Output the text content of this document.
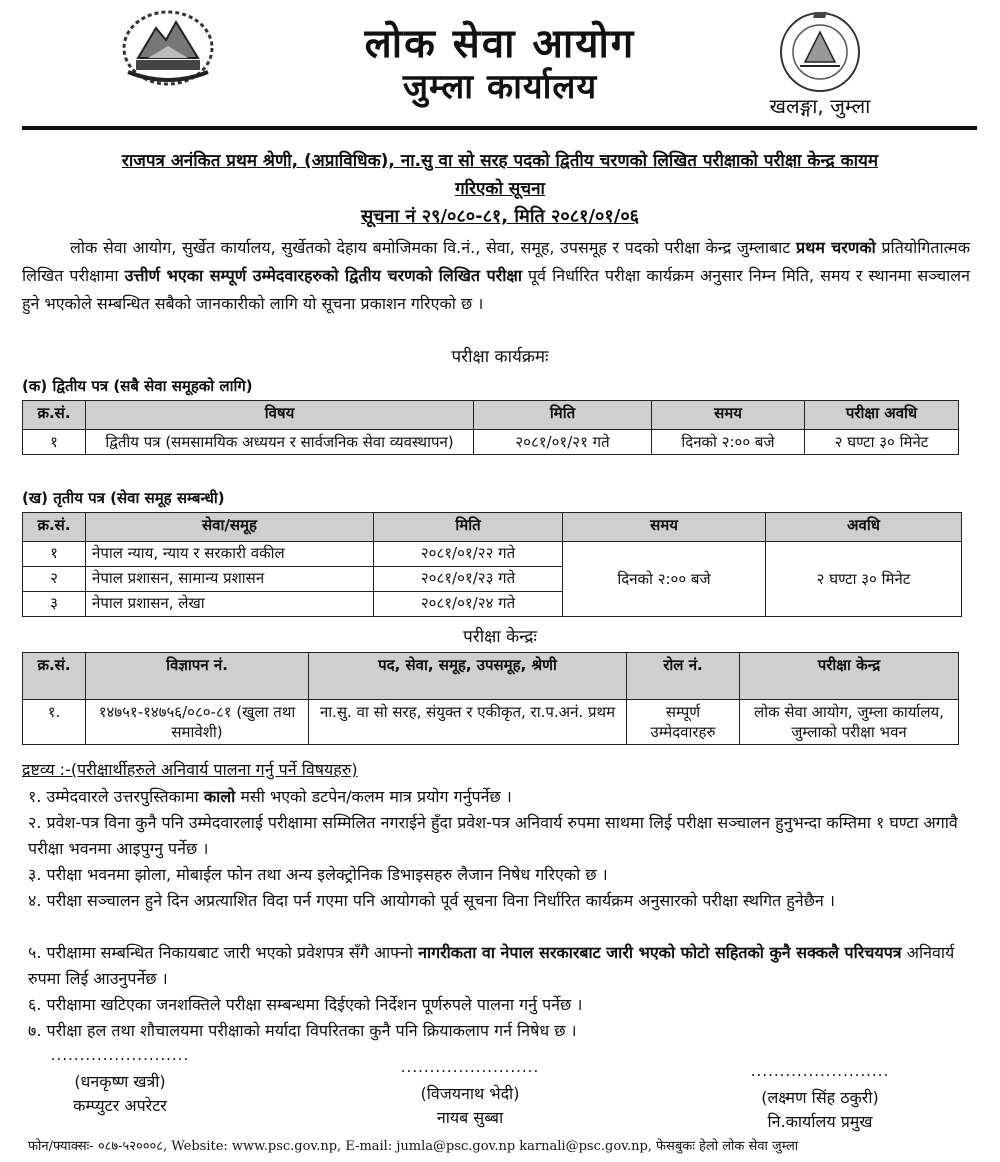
लोक सेवा आयोग
जुम्ला कार्यालय	खलङ्गा, जुम्ला
राजपत्र अनंकित प्रथम श्रेणी, (अप्राविधिक), ना.सु वा सो सरह पदको द्वितीय चरणको लिखित परीक्षाको परीक्षा केन्द्र कायम
गरिएको सूचना
सूचना नं २९/०८०-८१, मिति २०८१/०१/०६
लोक सेवा आयोग, सुर्खेत कार्यालय, सुर्खेतको देहाय बमोजिमका वि.नं., सेवा, समूह, उपसमूह र पदको परीक्षा केन्द्र जुम्लाबाट प्रथम चरणको प्रतियोगितात्मक लिखित परीक्षामा उत्तीर्ण भएका सम्पूर्ण उम्मेदवारहरुको द्वितीय चरणको लिखित परीक्षा पूर्व निर्धारित परीक्षा कार्यक्रम अनुसार निम्न मिति, समय र स्थानमा सञ्चालन हुने भएकोले सम्बन्धित सबैको जानकारीको लागि यो सूचना प्रकाशन गरिएको छ ।
परीक्षा कार्यक्रमः
(क) द्वितीय पत्र (सबै सेवा समूहको लागि)
क्र.सं.	विषय	मिति	समय	परीक्षा अवधि
१	द्वितीय पत्र (समसामयिक अध्ययन र सार्वजनिक सेवा व्यवस्थापन)	२०८१/०१/२१ गते	दिनको २:०० बजे	२ घण्टा ३० मिनेट
(ख) तृतीय पत्र (सेवा समूह सम्बन्धी)
क्र.सं.	सेवा/समूह	मिति	समय	अवधि
१	नेपाल न्याय, न्याय र सरकारी वकील	२०८१/०१/२२ गते	दिनको २:०० बजे	२ घण्टा ३० मिनेट
२	नेपाल प्रशासन, सामान्य प्रशासन	२०८१/०१/२३ गते		
३	नेपाल प्रशासन, लेखा	२०८१/०१/२४ गते		
परीक्षा केन्द्रः
क्र.सं.	विज्ञापन नं.	पद, सेवा, समूह, उपसमूह, श्रेणी	रोल नं.	परीक्षा केन्द्र
१.	१४७५१-१४७५६/०८०-८१ (खुला तथा समावेशी)	ना.सु. वा सो सरह, संयुक्त र एकीकृत, रा.प.अनं. प्रथम	सम्पूर्ण उम्मेदवारहरु	लोक सेवा आयोग, जुम्ला कार्यालय, जुम्लाको परीक्षा भवन
द्रष्टव्य :-(परीक्षार्थीहरुले अनिवार्य पालना गर्नु पर्ने विषयहरु)
१. उम्मेदवारले उत्तरपुस्तिकामा कालो मसी भएको डटपेन/कलम मात्र प्रयोग गर्नुपर्नेछ ।
२. प्रवेश-पत्र विना कुनै पनि उम्मेदवारलाई परीक्षामा सम्मिलित नगराईने हुँदा प्रवेश-पत्र अनिवार्य रुपमा साथमा लिई परीक्षा सञ्चालन हुनुभन्दा कम्तिमा १ घण्टा अगावै परीक्षा भवनमा आइपुग्नु पर्नेछ ।
३. परीक्षा भवनमा झोला, मोबाईल फोन तथा अन्य इलेक्ट्रोनिक डिभाइसहरु लैजान निषेध गरिएको छ ।
४. परीक्षा सञ्चालन हुने दिन अप्रत्याशित विदा पर्न गएमा पनि आयोगको पूर्व सूचना विना निर्धारित कार्यक्रम अनुसारको परीक्षा स्थगित हुनेछैन ।
५. परीक्षामा सम्बन्धित निकायबाट जारी भएको प्रवेशपत्र सँगै आफ्नो नागरीकता वा नेपाल सरकारबाट जारी भएको फोटो सहितको कुनै सक्कलै परिचयपत्र अनिवार्य रुपमा लिई आउनुपर्नेछ ।
६. परीक्षामा खटिएका जनशक्तिले परीक्षा सम्बन्धमा दिईएको निर्देशन पूर्णरुपले पालना गर्नु पर्नेछ ।
७. परीक्षा हल तथा शौचालयमा परीक्षाको मर्यादा विपरितका कुनै पनि क्रियाकलाप गर्न निषेध छ ।
........................
(धनकृष्ण खत्री)
कम्प्युटर अपरेटर
........................
(विजयनाथ भेदी)
नायब सुब्बा
........................
(लक्ष्मण सिंह ठकुरी)
नि.कार्यालय प्रमुख
फोन/फ्याक्सः- ०८७-५२०००८, Website: www.psc.gov.np, E-mail: jumla@psc.gov.np karnali@psc.gov.np, फेसबुकः हेलो लोक सेवा जुम्ला
